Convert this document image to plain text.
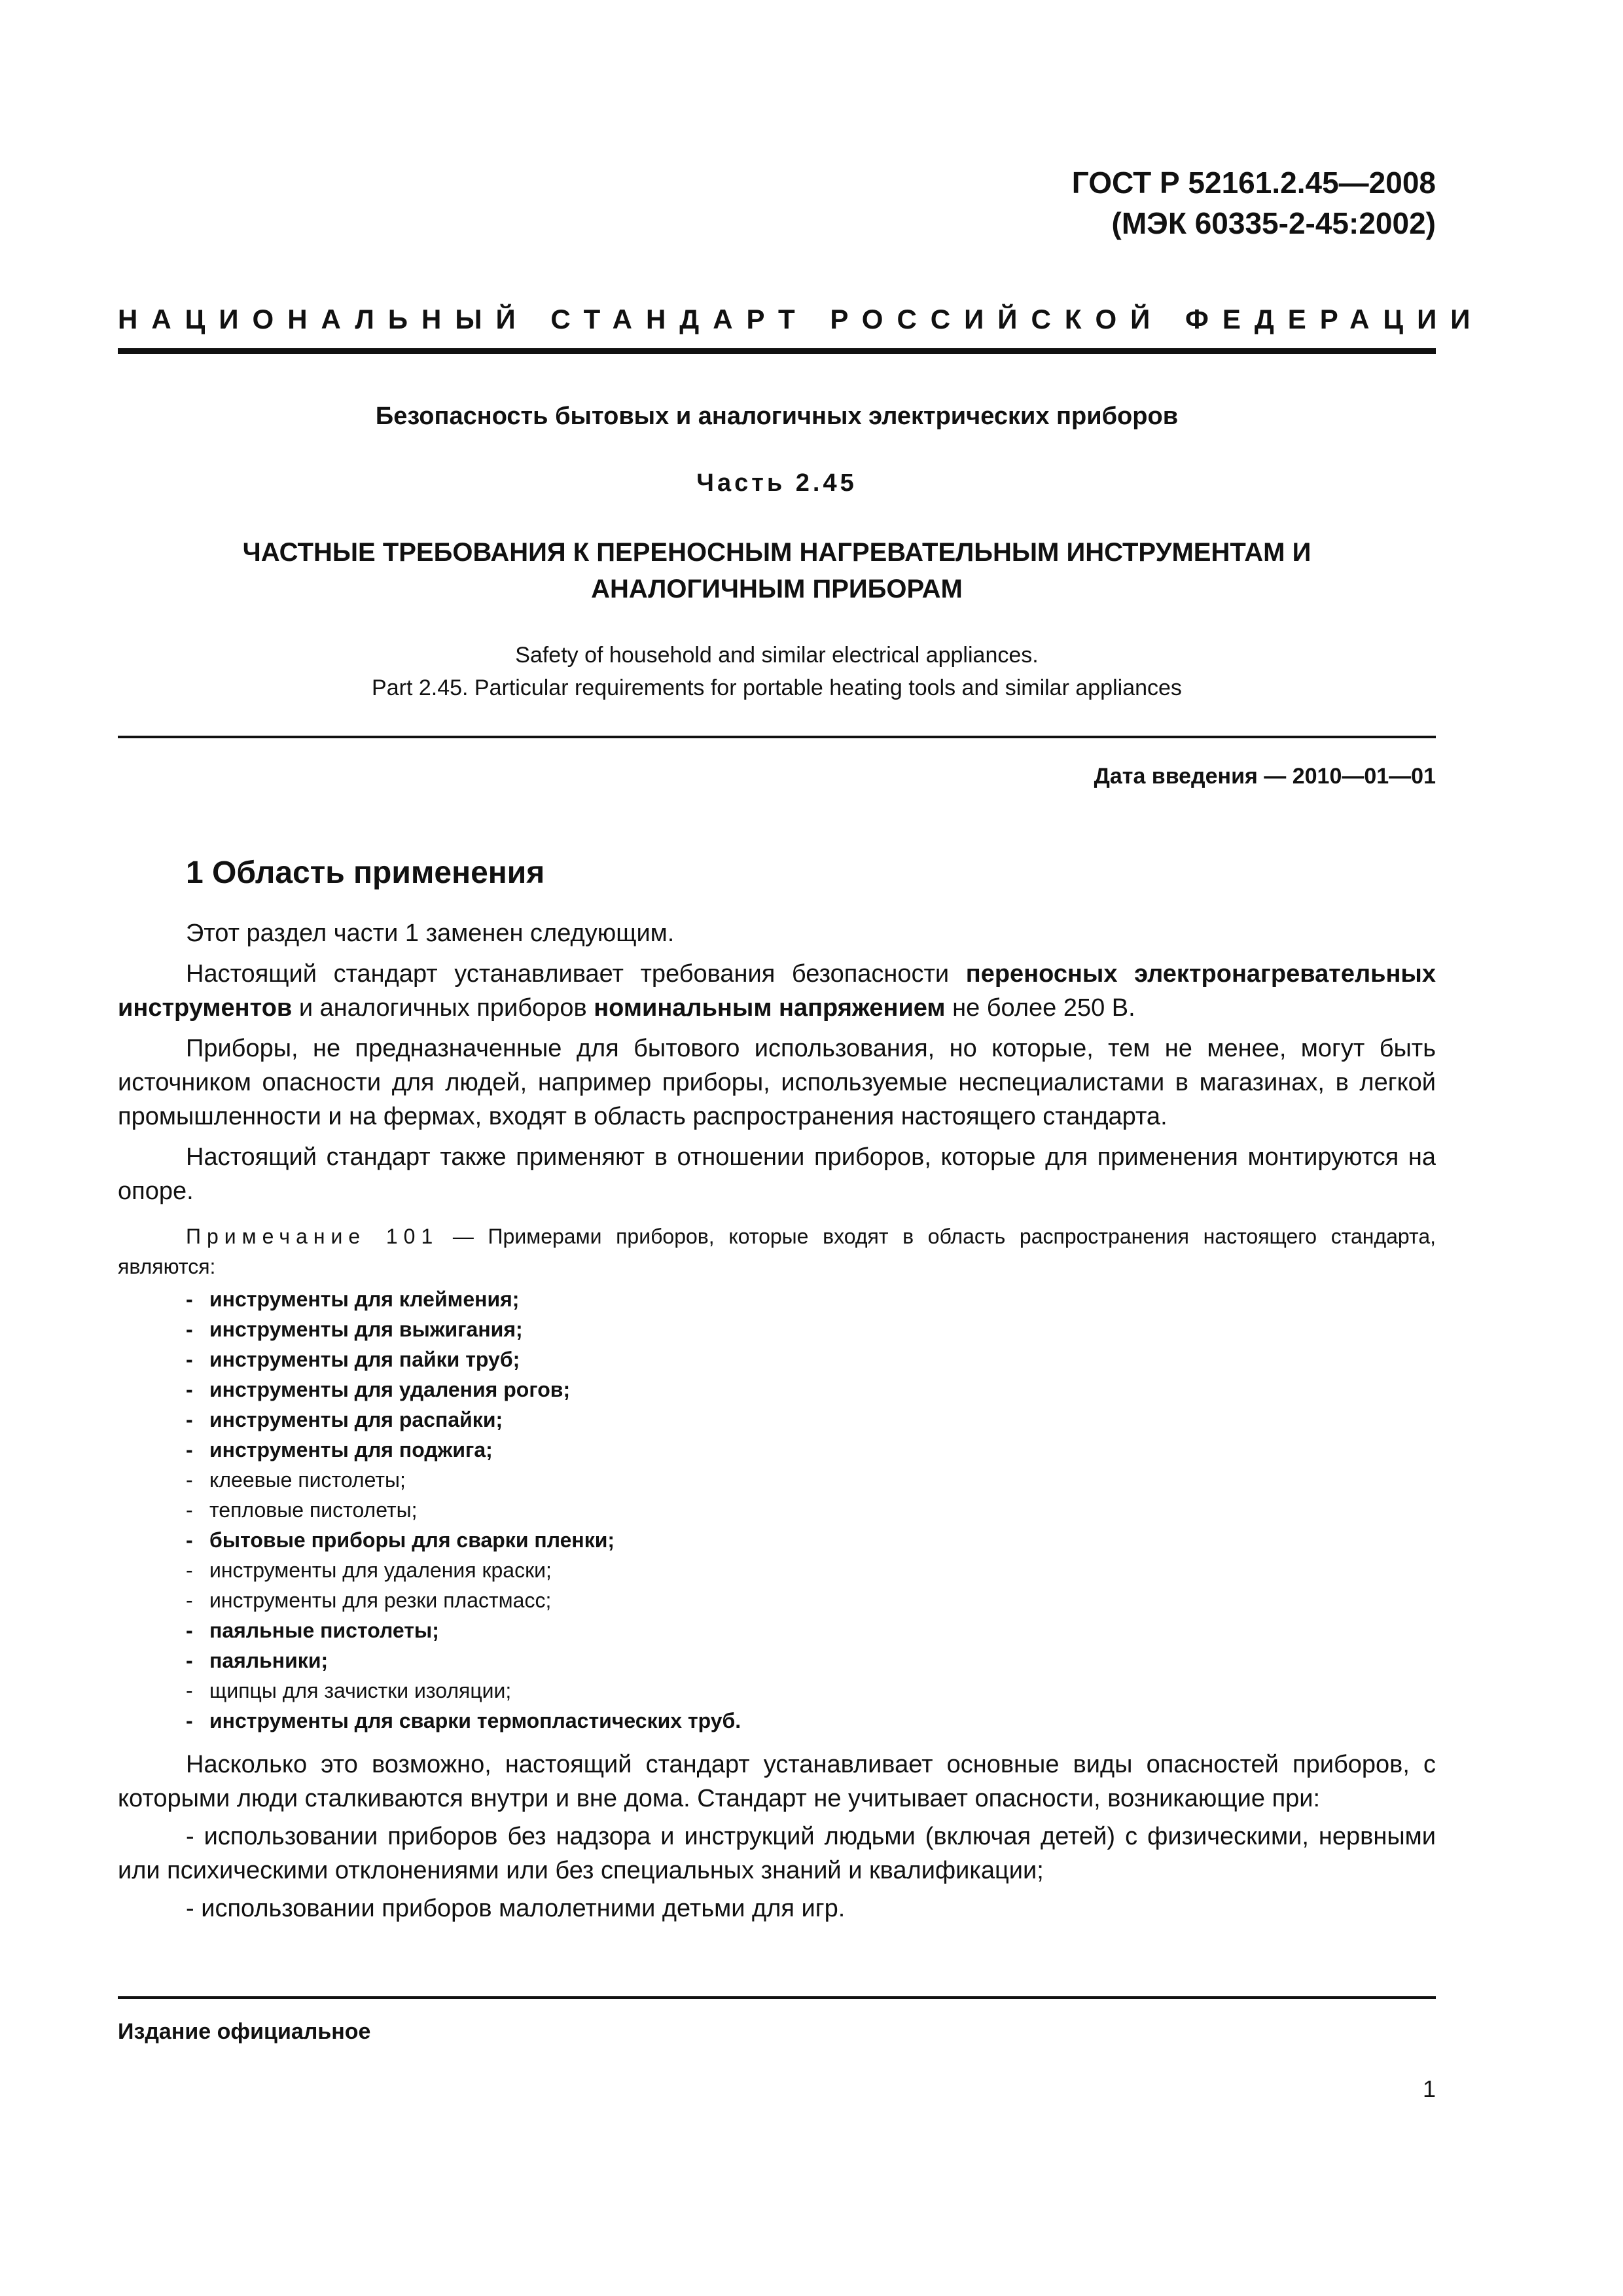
ГОСТ Р 52161.2.45—2008
(МЭК 60335-2-45:2002)
НАЦИОНАЛЬНЫЙ СТАНДАРТ РОССИЙСКОЙ ФЕДЕРАЦИИ
Безопасность бытовых и аналогичных электрических приборов
Часть 2.45
ЧАСТНЫЕ ТРЕБОВАНИЯ К ПЕРЕНОСНЫМ НАГРЕВАТЕЛЬНЫМ ИНСТРУМЕНТАМ И
АНАЛОГИЧНЫМ ПРИБОРАМ
Safety of household and similar electrical appliances.
Part 2.45. Particular requirements for portable heating tools and similar appliances
Дата введения — 2010—01—01
1 Область применения

Этот раздел части 1 заменен следующим.

Настоящий стандарт устанавливает требования безопасности переносных электронагревательных инструментов и аналогичных приборов номинальным напряжением не более 250 В.

Приборы, не предназначенные для бытового использования, но которые, тем не менее, могут быть источником опасности для людей, например приборы, используемые неспециалистами в магазинах, в легкой промышленности и на фермах, входят в область распространения настоящего стандарта.

Настоящий стандарт также применяют в отношении приборов, которые для применения монтируются на опоре.

Примечание 101 — Примерами приборов, которые входят в область распространения настоящего стандарта, являются:
- инструменты для клеймения;
- инструменты для выжигания;
- инструменты для пайки труб;
- инструменты для удаления рогов;
- инструменты для распайки;
- инструменты для поджига;
- клеевые пистолеты;
- тепловые пистолеты;
- бытовые приборы для сварки пленки;
- инструменты для удаления краски;
- инструменты для резки пластмасс;
- паяльные пистолеты;
- паяльники;
- щипцы для зачистки изоляции;
- инструменты для сварки термопластических труб.

Насколько это возможно, настоящий стандарт устанавливает основные виды опасностей приборов, с которыми люди сталкиваются внутри и вне дома. Стандарт не учитывает опасности, возникающие при:

- использовании приборов без надзора и инструкций людьми (включая детей) с физическими, нервными или психическими отклонениями или без специальных знаний и квалификации;

- использовании приборов малолетними детьми для игр.

Издание официальное
1
